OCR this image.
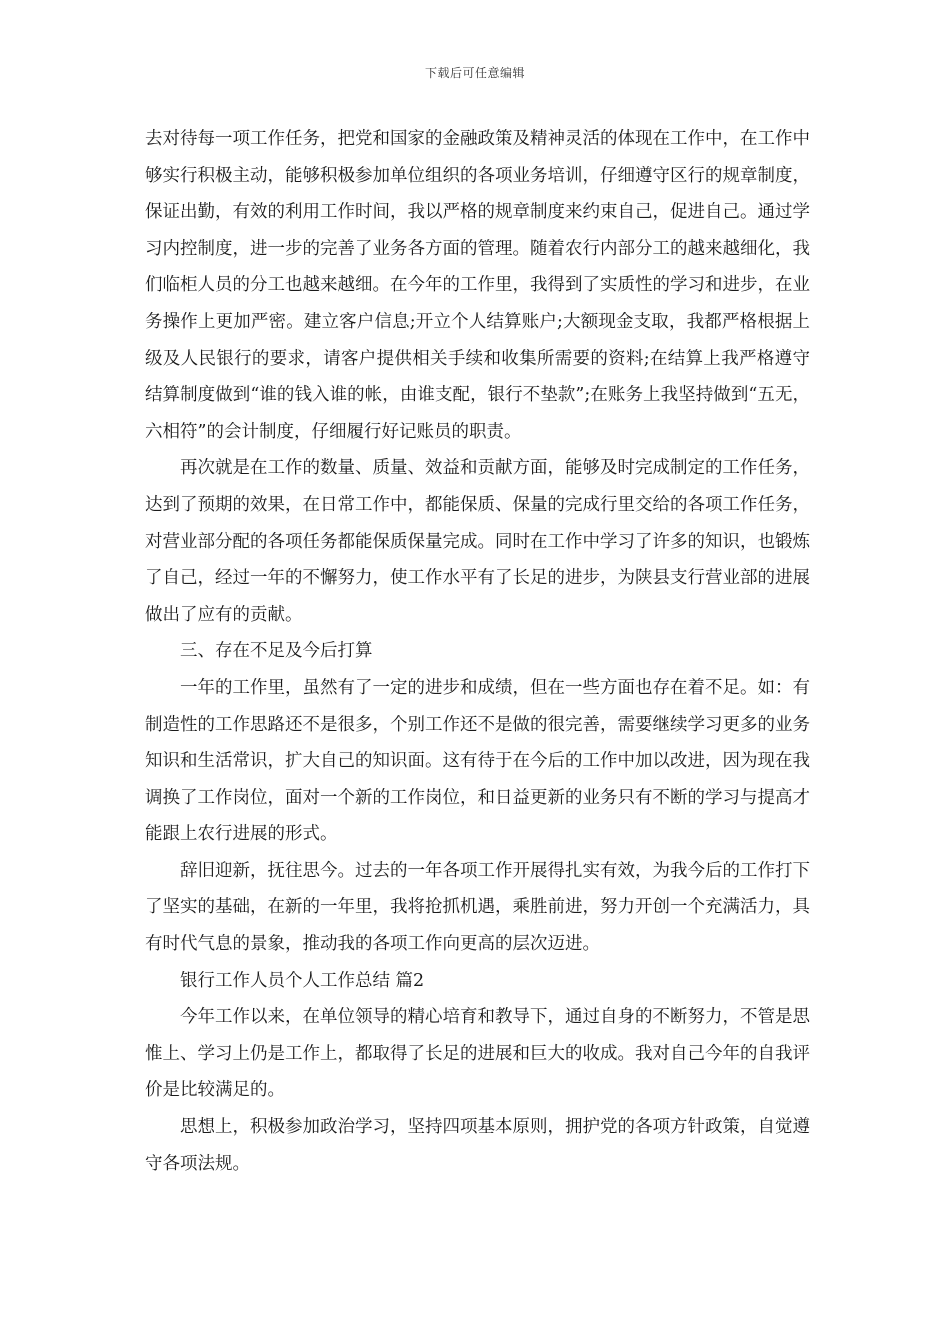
下载后可任意编辑

去对待每一项工作任务，把党和国家的金融政策及精神灵活的体现在工作中，在工作中够实行积极主动，能够积极参加单位组织的各项业务培训，仔细遵守区行的规章制度，保证出勤，有效的利用工作时间，我以严格的规章制度来约束自己，促进自己。通过学习内控制度，进一步的完善了业务各方面的管理。随着农行内部分工的越来越细化，我们临柜人员的分工也越来越细。在今年的工作里，我得到了实质性的学习和进步，在业务操作上更加严密。建立客户信息;开立个人结算账户;大额现金支取，我都严格根据上级及人民银行的要求，请客户提供相关手续和收集所需要的资料;在结算上我严格遵守结算制度做到“谁的钱入谁的帐，由谁支配，银行不垫款”;在账务上我坚持做到“五无，六相符”的会计制度，仔细履行好记账员的职责。

再次就是在工作的数量、质量、效益和贡献方面，能够及时完成制定的工作任务，达到了预期的效果，在日常工作中，都能保质、保量的完成行里交给的各项工作任务，对营业部分配的各项任务都能保质保量完成。同时在工作中学习了许多的知识，也锻炼了自己，经过一年的不懈努力，使工作水平有了长足的进步，为陕县支行营业部的进展做出了应有的贡献。

三、存在不足及今后打算

一年的工作里，虽然有了一定的进步和成绩，但在一些方面也存在着不足。如：有制造性的工作思路还不是很多，个别工作还不是做的很完善，需要继续学习更多的业务知识和生活常识，扩大自己的知识面。这有待于在今后的工作中加以改进，因为现在我调换了工作岗位，面对一个新的工作岗位，和日益更新的业务只有不断的学习与提高才能跟上农行进展的形式。

辞旧迎新，抚往思今。过去的一年各项工作开展得扎实有效，为我今后的工作打下了坚实的基础，在新的一年里，我将抢抓机遇，乘胜前进，努力开创一个充满活力，具有时代气息的景象，推动我的各项工作向更高的层次迈进。

银行工作人员个人工作总结 篇2

今年工作以来，在单位领导的精心培育和教导下，通过自身的不断努力，不管是思惟上、学习上仍是工作上，都取得了长足的进展和巨大的收成。我对自己今年的自我评价是比较满足的。

思想上，积极参加政治学习，坚持四项基本原则，拥护党的各项方针政策，自觉遵守各项法规。
